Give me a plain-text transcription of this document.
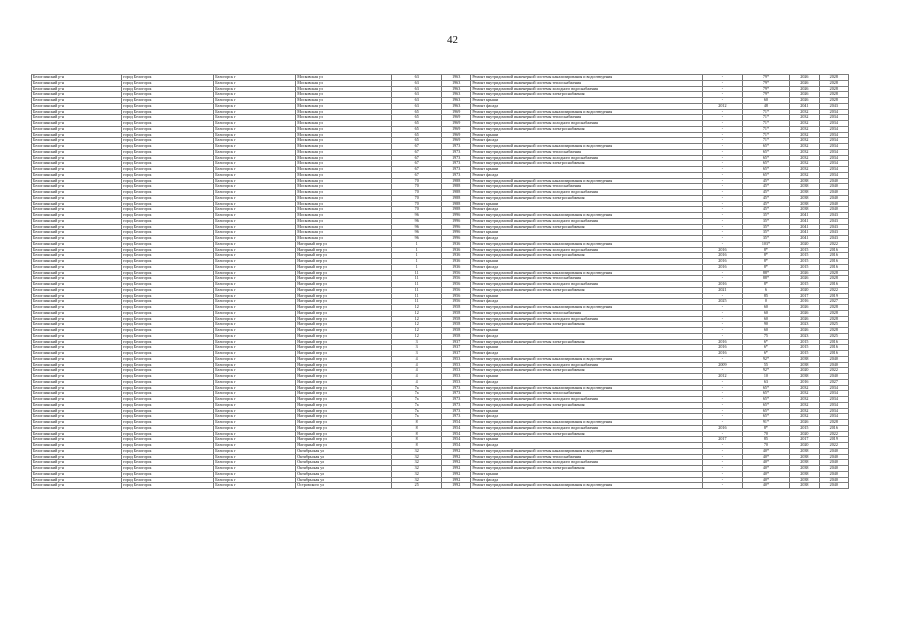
42
Белоглинский р-н	город Белогорск	Белогорск г	Московская ул	63	1963	Ремонт внутридомовой инженерной системы канализирования и водоотведения	-	79*	2026	2028
Белоглинский р-н	город Белогорск	Белогорск г	Московская ул	63	1963	Ремонт внутридомовой инженерной системы теплоснабжения	-	79*	2026	2028
Белоглинский р-н	город Белогорск	Белогорск г	Московская ул	63	1963	Ремонт внутридомовой инженерной системы холодного водоснабжения	-	79*	2026	2028
Белоглинский р-н	город Белогорск	Белогорск г	Московская ул	63	1963	Ремонт внутридомовой инженерной системы электроснабжения	-	79*	2026	2028
Белоглинский р-н	город Белогорск	Белогорск г	Московская ул	63	1963	Ремонт крыши	-	60	2026	2028
Белоглинский р-н	город Белогорск	Белогорск г	Московская ул	63	1963	Ремонт фасада	2012	48	2041	2043
Белоглинский р-н	город Белогорск	Белогорск г	Московская ул	65	1969	Ремонт внутридомовой инженерной системы канализирования и водоотведения	-	71*	2032	2034
Белоглинский р-н	город Белогорск	Белогорск г	Московская ул	65	1969	Ремонт внутридомовой инженерной системы теплоснабжения	-	71*	2032	2034
Белоглинский р-н	город Белогорск	Белогорск г	Московская ул	65	1969	Ремонт внутридомовой инженерной системы холодного водоснабжения	-	71*	2032	2034
Белоглинский р-н	город Белогорск	Белогорск г	Московская ул	65	1969	Ремонт внутридомовой инженерной системы электроснабжения	-	71*	2032	2034
Белоглинский р-н	город Белогорск	Белогорск г	Московская ул	65	1969	Ремонт крыши	-	71*	2032	2034
Белоглинский р-н	город Белогорск	Белогорск г	Московская ул	65	1969	Ремонт фасада	-	71*	2032	2034
Белоглинский р-н	город Белогорск	Белогорск г	Московская ул	67	1973	Ремонт внутридомовой инженерной системы канализирования и водоотведения	-	65*	2032	2034
Белоглинский р-н	город Белогорск	Белогорск г	Московская ул	67	1973	Ремонт внутридомовой инженерной системы теплоснабжения	-	65*	2032	2034
Белоглинский р-н	город Белогорск	Белогорск г	Московская ул	67	1973	Ремонт внутридомовой инженерной системы холодного водоснабжения	-	65*	2032	2034
Белоглинский р-н	город Белогорск	Белогорск г	Московская ул	67	1973	Ремонт внутридомовой инженерной системы электроснабжения	-	65*	2032	2034
Белоглинский р-н	город Белогорск	Белогорск г	Московская ул	67	1973	Ремонт крыши	-	65*	2032	2034
Белоглинский р-н	город Белогорск	Белогорск г	Московская ул	67	1973	Ремонт фасада	-	65*	2032	2034
Белоглинский р-н	город Белогорск	Белогорск г	Московская ул	70	1988	Ремонт внутридомовой инженерной системы канализирования и водоотведения	-	45*	2038	2040
Белоглинский р-н	город Белогорск	Белогорск г	Московская ул	70	1988	Ремонт внутридомовой инженерной системы теплоснабжения	-	45*	2038	2040
Белоглинский р-н	город Белогорск	Белогорск г	Московская ул	70	1988	Ремонт внутридомовой инженерной системы холодного водоснабжения	-	45*	2038	2040
Белоглинский р-н	город Белогорск	Белогорск г	Московская ул	70	1988	Ремонт внутридомовой инженерной системы электроснабжения	-	45*	2038	2040
Белоглинский р-н	город Белогорск	Белогорск г	Московская ул	70	1988	Ремонт крыши	-	45*	2038	2040
Белоглинский р-н	город Белогорск	Белогорск г	Московская ул	70	1988	Ремонт фасада	-	45*	2038	2040
Белоглинский р-н	город Белогорск	Белогорск г	Московская ул	96	1996	Ремонт внутридомовой инженерной системы канализирования и водоотведения	-	35*	2041	2043
Белоглинский р-н	город Белогорск	Белогорск г	Московская ул	96	1996	Ремонт внутридомовой инженерной системы холодного водоснабжения	-	35*	2041	2043
Белоглинский р-н	город Белогорск	Белогорск г	Московская ул	96	1996	Ремонт внутридомовой инженерной системы электроснабжения	-	35*	2041	2043
Белоглинский р-н	город Белогорск	Белогорск г	Московская ул	96	1996	Ремонт крыши	-	35*	2041	2043
Белоглинский р-н	город Белогорск	Белогорск г	Московская ул	96	1996	Ремонт фасада	-	35*	2041	2043
Белоглинский р-н	город Белогорск	Белогорск г	Нагорный пер ул	1	1936	Ремонт внутридомовой инженерной системы канализирования и водоотведения	-	103*	2020	2022
Белоглинский р-н	город Белогорск	Белогорск г	Нагорный пер ул	1	1936	Ремонт внутридомовой инженерной системы холодного водоснабжения	2016	8*	2015	2016
Белоглинский р-н	город Белогорск	Белогорск г	Нагорный пер ул	1	1936	Ремонт внутридомовой инженерной системы электроснабжения	2016	8*	2015	2016
Белоглинский р-н	город Белогорск	Белогорск г	Нагорный пер ул	1	1936	Ремонт крыши	2016	8*	2015	2016
Белоглинский р-н	город Белогорск	Белогорск г	Нагорный пер ул	1	1936	Ремонт фасада	2016	8*	2015	2016
Белоглинский р-н	город Белогорск	Белогорск г	Нагорный пер ул	11	1956	Ремонт внутридомовой инженерной системы канализирования и водоотведения	-	88*	2026	2028
Белоглинский р-н	город Белогорск	Белогорск г	Нагорный пер ул	11	1956	Ремонт внутридомовой инженерной системы теплоснабжения	-	88*	2026	2028
Белоглинский р-н	город Белогорск	Белогорск г	Нагорный пер ул	11	1956	Ремонт внутридомовой инженерной системы холодного водоснабжения	2016	8*	2015	2016
Белоглинский р-н	город Белогорск	Белогорск г	Нагорный пер ул	11	1956	Ремонт внутридомовой инженерной системы электроснабжения	2021	6	2020	2022
Белоглинский р-н	город Белогорск	Белогорск г	Нагорный пер ул	11	1956	Ремонт крыши	-	85	2017	2019
Белоглинский р-н	город Белогорск	Белогорск г	Нагорный пер ул	11	1956	Ремонт фасада	2025	0	2016	2027
Белоглинский р-н	город Белогорск	Белогорск г	Нагорный пер ул	12	1958	Ремонт внутридомовой инженерной системы канализирования и водоотведения	-	60	2026	2028
Белоглинский р-н	город Белогорск	Белогорск г	Нагорный пер ул	12	1958	Ремонт внутридомовой инженерной системы теплоснабжения	-	60	2026	2028
Белоглинский р-н	город Белогорск	Белогорск г	Нагорный пер ул	12	1958	Ремонт внутридомовой инженерной системы холодного водоснабжения	-	60	2026	2028
Белоглинский р-н	город Белогорск	Белогорск г	Нагорный пер ул	12	1958	Ремонт внутридомовой инженерной системы электроснабжения	-	90	2023	2025
Белоглинский р-н	город Белогорск	Белогорск г	Нагорный пер ул	12	1958	Ремонт крыши	-	60	2026	2028
Белоглинский р-н	город Белогорск	Белогорск г	Нагорный пер ул	12	1958	Ремонт фасада	-	75	2023	2025
Белоглинский р-н	город Белогорск	Белогорск г	Нагорный пер ул	3	1937	Ремонт внутридомовой инженерной системы электроснабжения	2016	6*	2015	2016
Белоглинский р-н	город Белогорск	Белогорск г	Нагорный пер ул	3	1937	Ремонт крыши	2016	6*	2015	2016
Белоглинский р-н	город Белогорск	Белогорск г	Нагорный пер ул	3	1937	Ремонт фасада	2016	6*	2015	2016
Белоглинский р-н	город Белогорск	Белогорск г	Нагорный пер ул	4	1953	Ремонт внутридомовой инженерной системы канализирования и водоотведения	-	92*	2038	2040
Белоглинский р-н	город Белогорск	Белогорск г	Нагорный пер ул	4	1953	Ремонт внутридомовой инженерной системы холодного водоснабжения	2009	55	2038	2040
Белоглинский р-н	город Белогорск	Белогорск г	Нагорный пер ул	4	1953	Ремонт внутридомовой инженерной системы электроснабжения	-	92*	2020	2022
Белоглинский р-н	город Белогорск	Белогорск г	Нагорный пер ул	4	1953	Ремонт крыши	2012	10	2038	2040
Белоглинский р-н	город Белогорск	Белогорск г	Нагорный пер ул	4	1953	Ремонт фасада	-	63	2016	2027
Белоглинский р-н	город Белогорск	Белогорск г	Нагорный пер ул	7а	1973	Ремонт внутридомовой инженерной системы канализирования и водоотведения	-	65*	2032	2034
Белоглинский р-н	город Белогорск	Белогорск г	Нагорный пер ул	7а	1973	Ремонт внутридомовой инженерной системы теплоснабжения	-	65*	2032	2034
Белоглинский р-н	город Белогорск	Белогорск г	Нагорный пер ул	7а	1973	Ремонт внутридомовой инженерной системы холодного водоснабжения	-	65*	2032	2034
Белоглинский р-н	город Белогорск	Белогорск г	Нагорный пер ул	7а	1973	Ремонт внутридомовой инженерной системы электроснабжения	-	65*	2032	2034
Белоглинский р-н	город Белогорск	Белогорск г	Нагорный пер ул	7а	1973	Ремонт крыши	-	65*	2032	2034
Белоглинский р-н	город Белогорск	Белогорск г	Нагорный пер ул	7а	1973	Ремонт фасада	-	65*	2032	2034
Белоглинский р-н	город Белогорск	Белогорск г	Нагорный пер ул	8	1954	Ремонт внутридомовой инженерной системы канализирования и водоотведения	-	91*	2026	2028
Белоглинский р-н	город Белогорск	Белогорск г	Нагорный пер ул	8	1954	Ремонт внутридомовой инженерной системы холодного водоснабжения	2016	8*	2015	2016
Белоглинский р-н	город Белогорск	Белогорск г	Нагорный пер ул	8	1954	Ремонт внутридомовой инженерной системы электроснабжения	-	70	2020	2022
Белоглинский р-н	город Белогорск	Белогорск г	Нагорный пер ул	8	1954	Ремонт крыши	2017	85	2017	2019
Белоглинский р-н	город Белогорск	Белогорск г	Нагорный пер ул	8	1954	Ремонт фасада	-	70	2020	2022
Белоглинский р-н	город Белогорск	Белогорск г	Октябрьская ул	32	1992	Ремонт внутридомовой инженерной системы канализирования и водоотведения	-	40*	2038	2040
Белоглинский р-н	город Белогорск	Белогорск г	Октябрьская ул	32	1992	Ремонт внутридомовой инженерной системы теплоснабжения	-	40*	2038	2040
Белоглинский р-н	город Белогорск	Белогорск г	Октябрьская ул	32	1992	Ремонт внутридомовой инженерной системы холодного водоснабжения	-	40*	2038	2040
Белоглинский р-н	город Белогорск	Белогорск г	Октябрьская ул	32	1992	Ремонт внутридомовой инженерной системы электроснабжения	-	40*	2038	2040
Белоглинский р-н	город Белогорск	Белогорск г	Октябрьская ул	32	1992	Ремонт крыши	-	40*	2038	2040
Белоглинский р-н	город Белогорск	Белогорск г	Октябрьская ул	32	1992	Ремонт фасада	-	40*	2038	2040
Белоглинский р-н	город Белогорск	Белогорск г	Островского ул	25	1992	Ремонт внутридомовой инженерной системы канализирования и водоотведения	-	40*	2038	2040
